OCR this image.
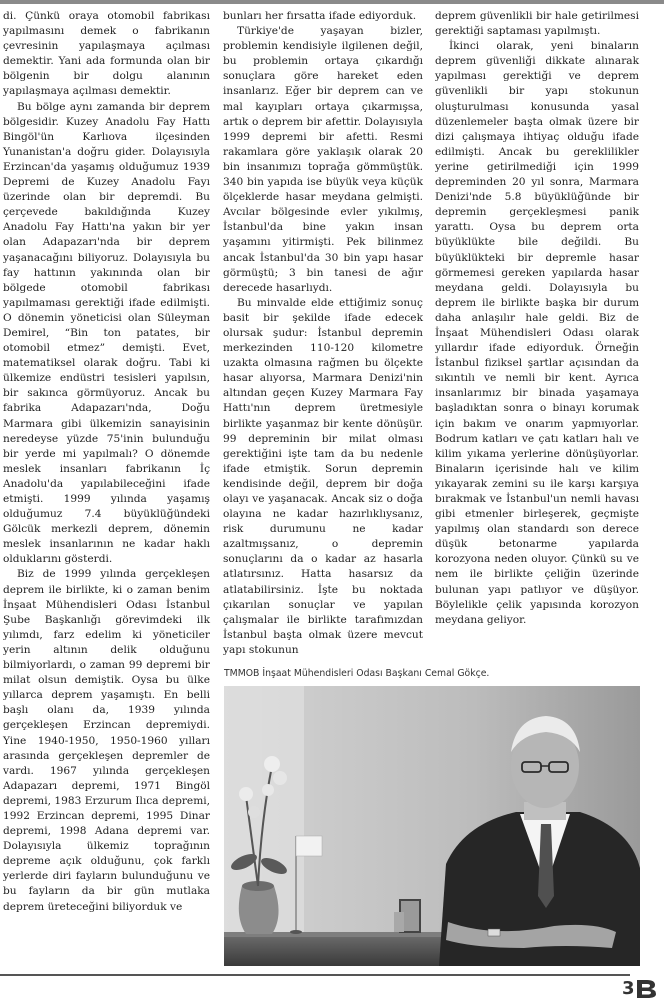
di. Çünkü oraya otomobil fabrikası yapılmasını demek o fabrikanın çevresinin yapılaşmaya açılması demektir. Yani ada formunda olan bir bölgenin bir dolgu alanının yapılaşmaya açılması demektir.

Bu bölge aynı zamanda bir deprem bölgesidir. Kuzey Anadolu Fay Hattı Bingöl'ün Karlıova ilçesinden Yunanistan'a doğru gider. Dolayısıyla Erzincan'da yaşamış olduğumuz 1939 Depremi de Kuzey Anadolu Fayı üzerinde olan bir depremdi. Bu çerçevede bakıldığında Kuzey Anadolu Fay Hattı'na yakın bir yer olan Adapazarı'nda bir deprem yaşanacağını biliyoruz. Dolayısıyla bu fay hattının yakınında olan bir bölgede otomobil fabrikası yapılmaması gerektiği ifade edilmişti. O dönemin yöneticisi olan Süleyman Demirel, “Bin ton patates, bir otomobil etmez” demişti. Evet, matematiksel olarak doğru. Tabi ki ülkemize endüstri tesisleri yapılsın, bir sakınca görmüyoruz. Ancak bu fabrika Adapazarı'nda, Doğu Marmara gibi ülkemizin sanayisinin neredeyse yüzde 75'inin bulunduğu bir yerde mi yapılmalı? O dönemde meslek insanları fabrikanın İç Anadolu'da yapılabileceğini ifade etmişti. 1999 yılında yaşamış olduğumuz 7.4 büyüklüğündeki Gölcük merkezli deprem, dönemin meslek insanlarının ne kadar haklı olduklarını gösterdi.

Biz de 1999 yılında gerçekleşen deprem ile birlikte, ki o zaman benim İnşaat Mühendisleri Odası İstanbul Şube Başkanlığı görevimdeki ilk yılımdı, farz edelim ki yöneticiler yerin altının delik olduğunu bilmiyorlardı, o zaman 99 depremi bir milat olsun demiştik. Oysa bu ülke yıllarca deprem yaşamıştı. En belli başlı olanı da, 1939 yılında gerçekleşen Erzincan depremiydi. Yine 1940-1950, 1950-1960 yılları arasında gerçekleşen depremler de vardı. 1967 yılında gerçekleşen Adapazarı depremi, 1971 Bingöl depremi, 1983 Erzurum Ilıca depremi, 1992 Erzincan depremi, 1995 Dinar depremi, 1998 Adana depremi var. Dolayısıyla ülkemiz toprağının depreme açık olduğunu, çok farklı yerlerde diri fayların bulunduğunu ve bu fayların da bir gün mutlaka deprem üreteceğini biliyorduk ve

bunları her fırsatta ifade ediyorduk.

Türkiye'de yaşayan bizler, problemin kendisiyle ilgilenen değil, bu problemin ortaya çıkardığı sonuçlara göre hareket eden insanlarız. Eğer bir deprem can ve mal kayıpları ortaya çıkarmışsa, artık o deprem bir afettir. Dolayısıyla 1999 depremi bir afetti. Resmi rakamlara göre yaklaşık olarak 20 bin insanımızı toprağa gömmüştük. 340 bin yapıda ise büyük veya küçük ölçeklerde hasar meydana gelmişti. Avcılar bölgesinde evler yıkılmış, İstanbul'da bine yakın insan yaşamını yitirmişti. Pek bilinmez ancak İstanbul'da 30 bin yapı hasar görmüştü; 3 bin tanesi de ağır derecede hasarlıydı.

Bu minvalde elde ettiğimiz sonuç basit bir şekilde ifade edecek olursak şudur: İstanbul depremin merkezinden 110-120 kilometre uzakta olmasına rağmen bu ölçekte hasar alıyorsa, Marmara Denizi'nin altından geçen Kuzey Marmara Fay Hattı'nın deprem üretmesiyle birlikte yaşanmaz bir kente dönüşür. 99 depreminin bir milat olması gerektiğini işte tam da bu nedenle ifade etmiştik. Sorun depremin kendisinde değil, deprem bir doğa olayı ve yaşanacak. Ancak siz o doğa olayına ne kadar hazırlıklıysanız, risk durumunu ne kadar azaltmışsanız, o depremin sonuçlarını da o kadar az hasarla atlatırsınız. Hatta hasarsız da atlatabilirsiniz. İşte bu noktada çıkarılan sonuçlar ve yapılan çalışmalar ile birlikte tarafımızdan İstanbul başta olmak üzere mevcut yapı stokunun

deprem güvenlikli bir hale getirilmesi gerektiği saptaması yapılmıştı.

İkinci olarak, yeni binaların deprem güvenliği dikkate alınarak yapılması gerektiği ve deprem güvenlikli bir yapı stokunun oluşturulması konusunda yasal düzenlemeler başta olmak üzere bir dizi çalışmaya ihtiyaç olduğu ifade edilmişti. Ancak bu gereklilikler yerine getirilmediği için 1999 depreminden 20 yıl sonra, Marmara Denizi'nde 5.8 büyüklüğünde bir depremin gerçekleşmesi panik yarattı. Oysa bu deprem orta büyüklükte bile değildi. Bu büyüklükteki bir depremle hasar görmemesi gereken yapılarda hasar meydana geldi. Dolayısıyla bu deprem ile birlikte başka bir durum daha anlaşılır hale geldi. Biz de İnşaat Mühendisleri Odası olarak yıllardır ifade ediyorduk. Örneğin İstanbul fiziksel şartlar açısından da sıkıntılı ve nemli bir kent. Ayrıca insanlarımız bir binada yaşamaya başladıktan sonra o binayı korumak için bakım ve onarım yapmıyorlar. Bodrum katları ve çatı katları halı ve kilim yıkama yerlerine dönüşüyorlar. Binaların içerisinde halı ve kilim yıkayarak zemini su ile karşı karşıya bırakmak ve İstanbul'un nemli havası gibi etmenler birleşerek, geçmişte yapılmış olan standardı son derece düşük betonarme yapılarda korozyona neden oluyor. Çünkü su ve nem ile birlikte çeliğin üzerinde bulunan yapı patlıyor ve düşüyor. Böylelikle çelik yapısında korozyon meydana geliyor.

TMMOB İnşaat Mühendisleri Odası Başkanı Cemal Gökçe.
3
